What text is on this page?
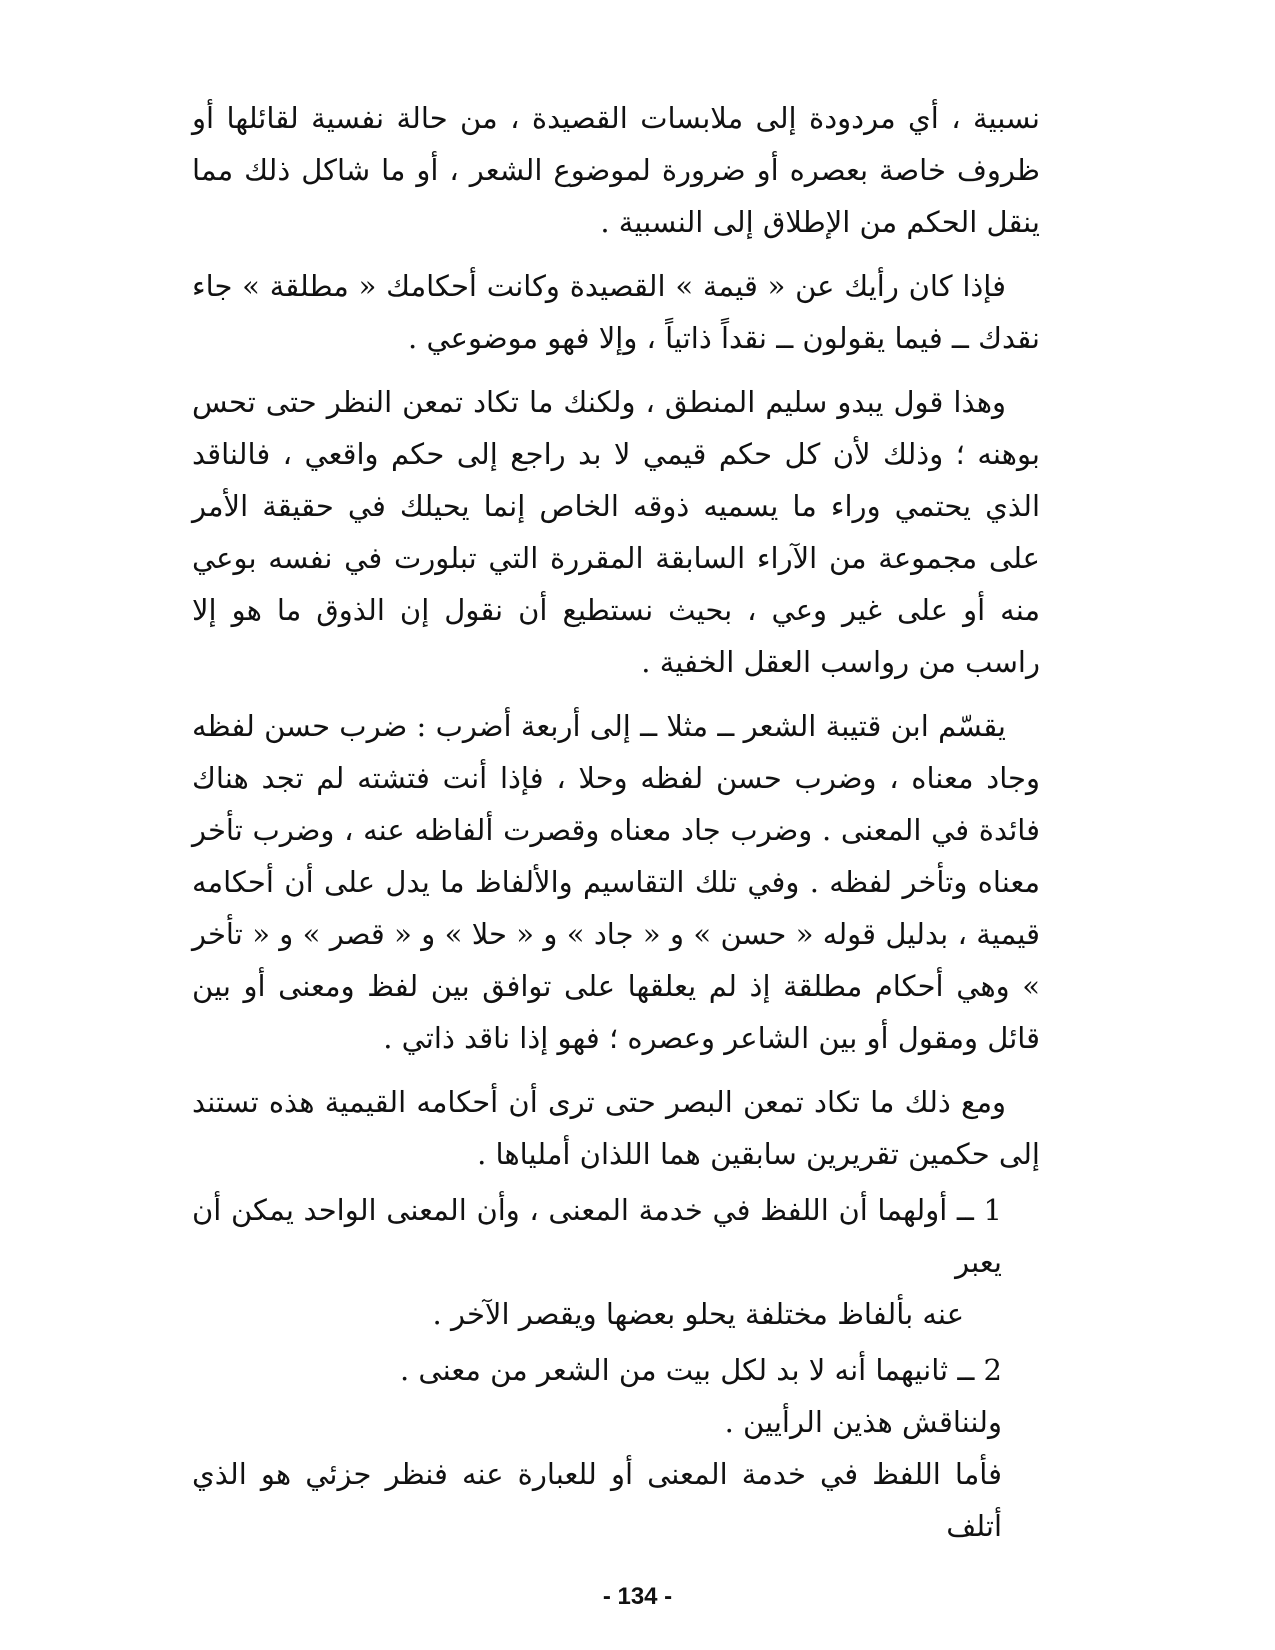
نسبية ، أي مردودة إلى ملابسات القصيدة ، من حالة نفسية لقائلها أو ظروف خاصة بعصره أو ضرورة لموضوع الشعر ، أو ما شاكل ذلك مما ينقل الحكم من الإطلاق إلى النسبية .

فإذا كان رأيك عن « قيمة » القصيدة وكانت أحكامك « مطلقة » جاء نقدك ــ فيما يقولون ــ نقداً ذاتياً ، وإلا فهو موضوعي .

وهذا قول يبدو سليم المنطق ، ولكنك ما تكاد تمعن النظر حتى تحس بوهنه ؛ وذلك لأن كل حكم قيمي لا بد راجع إلى حكم واقعي ، فالناقد الذي يحتمي وراء ما يسميه ذوقه الخاص إنما يحيلك في حقيقة الأمر على مجموعة من الآراء السابقة المقررة التي تبلورت في نفسه بوعي منه أو على غير وعي ، بحيث نستطيع أن نقول إن الذوق ما هو إلا راسب من رواسب العقل الخفية .

يقسّم ابن قتيبة الشعر ــ مثلا ــ إلى أربعة أضرب : ضرب حسن لفظه وجاد معناه ، وضرب حسن لفظه وحلا ، فإذا أنت فتشته لم تجد هناك فائدة في المعنى . وضرب جاد معناه وقصرت ألفاظه عنه ، وضرب تأخر معناه وتأخر لفظه . وفي تلك التقاسيم والألفاظ ما يدل على أن أحكامه قيمية ، بدليل قوله « حسن » و « جاد » و « حلا » و « قصر » و « تأخر » وهي أحكام مطلقة إذ لم يعلقها على توافق بين لفظ ومعنى أو بين قائل ومقول أو بين الشاعر وعصره ؛ فهو إذا ناقد ذاتي .

ومع ذلك ما تكاد تمعن البصر حتى ترى أن أحكامه القيمية هذه تستند إلى حكمين تقريرين سابقين هما اللذان أملياها .

1 ــ أولهما أن اللفظ في خدمة المعنى ، وأن المعنى الواحد يمكن أن يعبر

عنه بألفاظ مختلفة يحلو بعضها ويقصر الآخر .

2 ــ ثانيهما أنه لا بد لكل بيت من الشعر من معنى .

ولنناقش هذين الرأيين .

فأما اللفظ في خدمة المعنى أو للعبارة عنه فنظر جزئي هو الذي أتلف

- 134 -
